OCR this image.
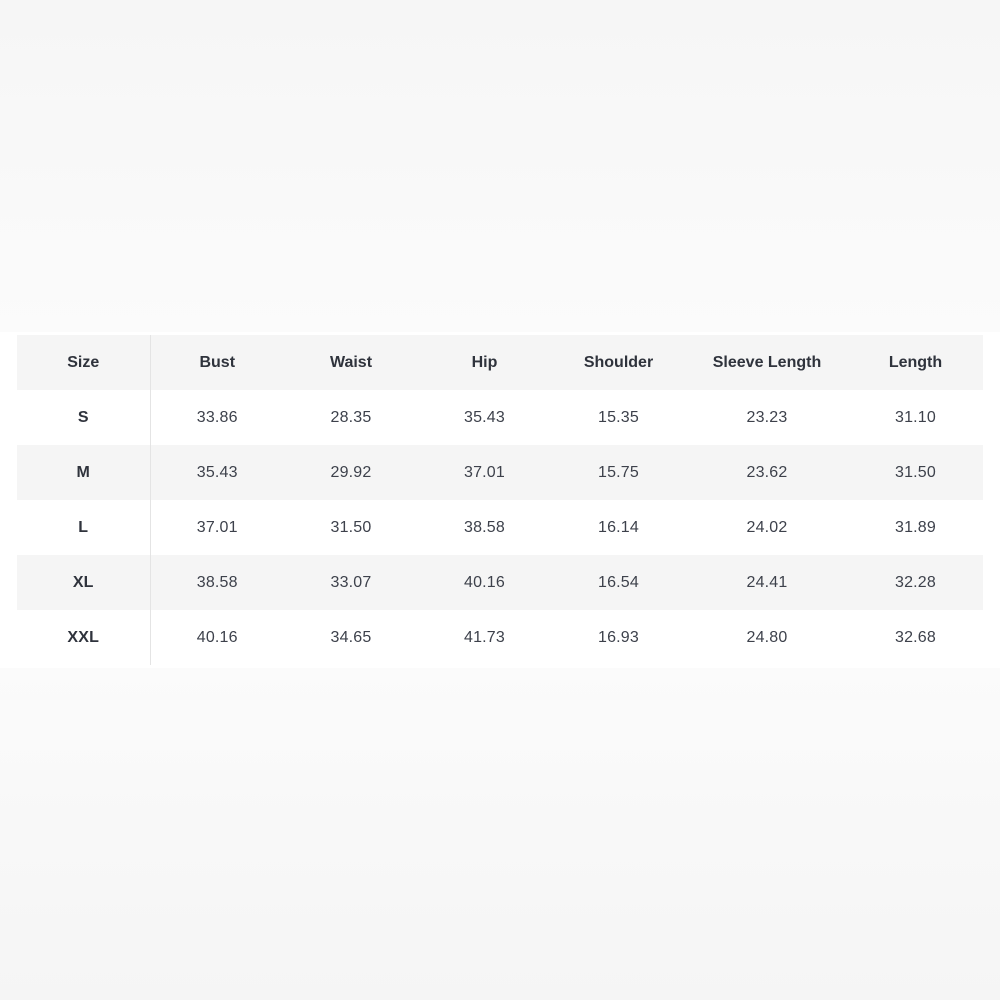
Size	Bust	Waist	Hip	Shoulder	Sleeve Length	Length
S	33.86	28.35	35.43	15.35	23.23	31.10
M	35.43	29.92	37.01	15.75	23.62	31.50
L	37.01	31.50	38.58	16.14	24.02	31.89
XL	38.58	33.07	40.16	16.54	24.41	32.28
XXL	40.16	34.65	41.73	16.93	24.80	32.68
